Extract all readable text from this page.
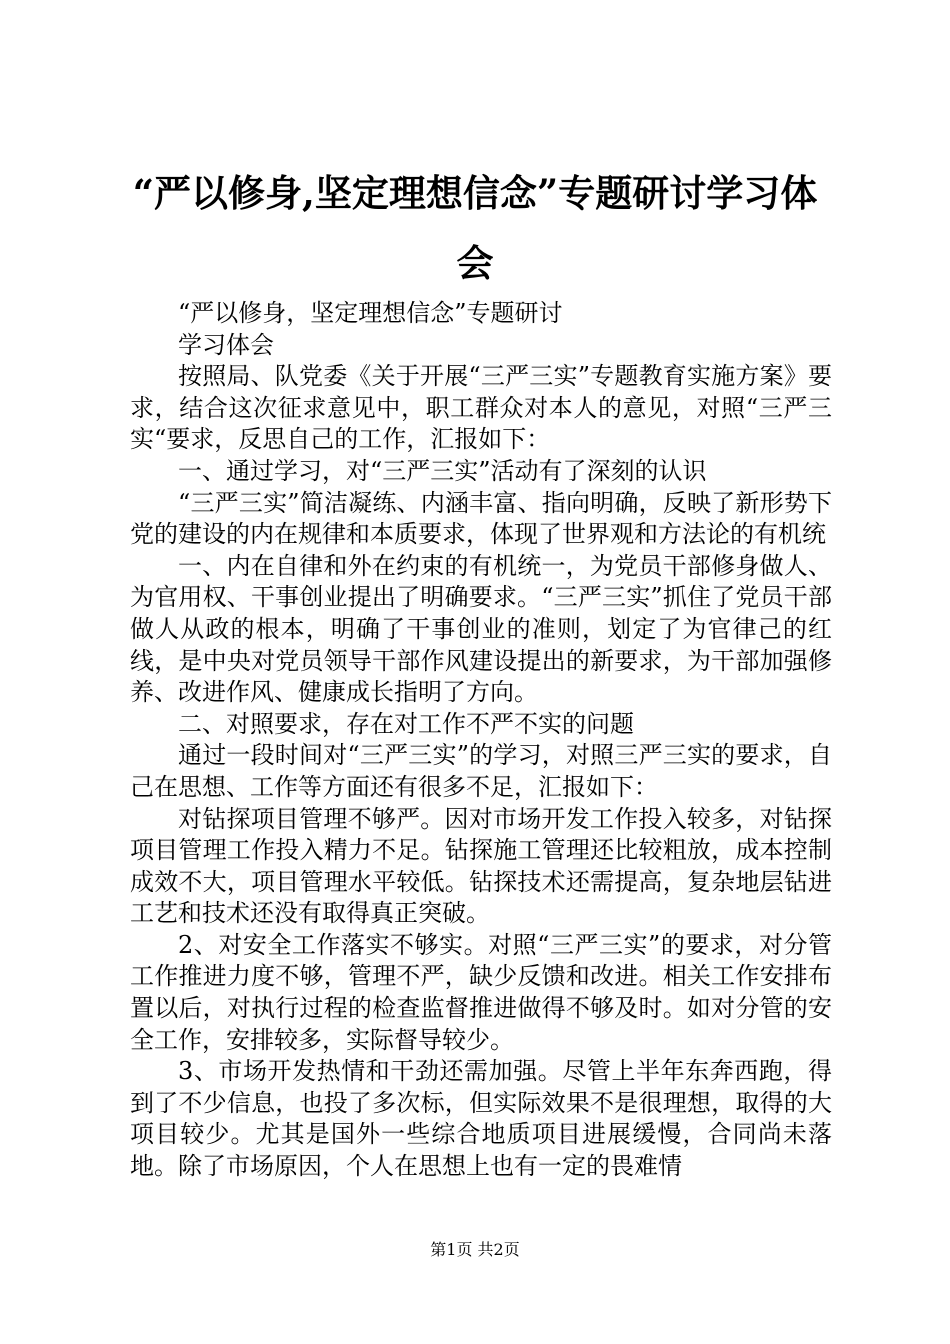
“严以修身,坚定理想信念”专题研讨学习体会

“严以修身，坚定理想信念”专题研讨

学习体会

按照局、队党委《关于开展“三严三实”专题教育实施方案》要求，结合这次征求意见中，职工群众对本人的意见，对照“三严三实“要求，反思自己的工作，汇报如下：

一、通过学习，对“三严三实”活动有了深刻的认识

“三严三实”简洁凝练、内涵丰富、指向明确，反映了新形势下党的建设的内在规律和本质要求，体现了世界观和方法论的有机统

一、内在自律和外在约束的有机统一，为党员干部修身做人、为官用权、干事创业提出了明确要求。“三严三实”抓住了党员干部做人从政的根本，明确了干事创业的准则，划定了为官律己的红线，是中央对党员领导干部作风建设提出的新要求，为干部加强修养、改进作风、健康成长指明了方向。

二、对照要求，存在对工作不严不实的问题

通过一段时间对“三严三实”的学习，对照三严三实的要求，自己在思想、工作等方面还有很多不足，汇报如下：

对钻探项目管理不够严。因对市场开发工作投入较多，对钻探项目管理工作投入精力不足。钻探施工管理还比较粗放，成本控制成效不大，项目管理水平较低。钻探技术还需提高，复杂地层钻进工艺和技术还没有取得真正突破。

2、对安全工作落实不够实。对照“三严三实”的要求，对分管工作推进力度不够，管理不严，缺少反馈和改进。相关工作安排布置以后，对执行过程的检查监督推进做得不够及时。如对分管的安全工作，安排较多，实际督导较少。

3、市场开发热情和干劲还需加强。尽管上半年东奔西跑，得到了不少信息，也投了多次标，但实际效果不是很理想，取得的大项目较少。尤其是国外一些综合地质项目进展缓慢，合同尚未落地。除了市场原因，个人在思想上也有一定的畏难情

第1页 共2页
